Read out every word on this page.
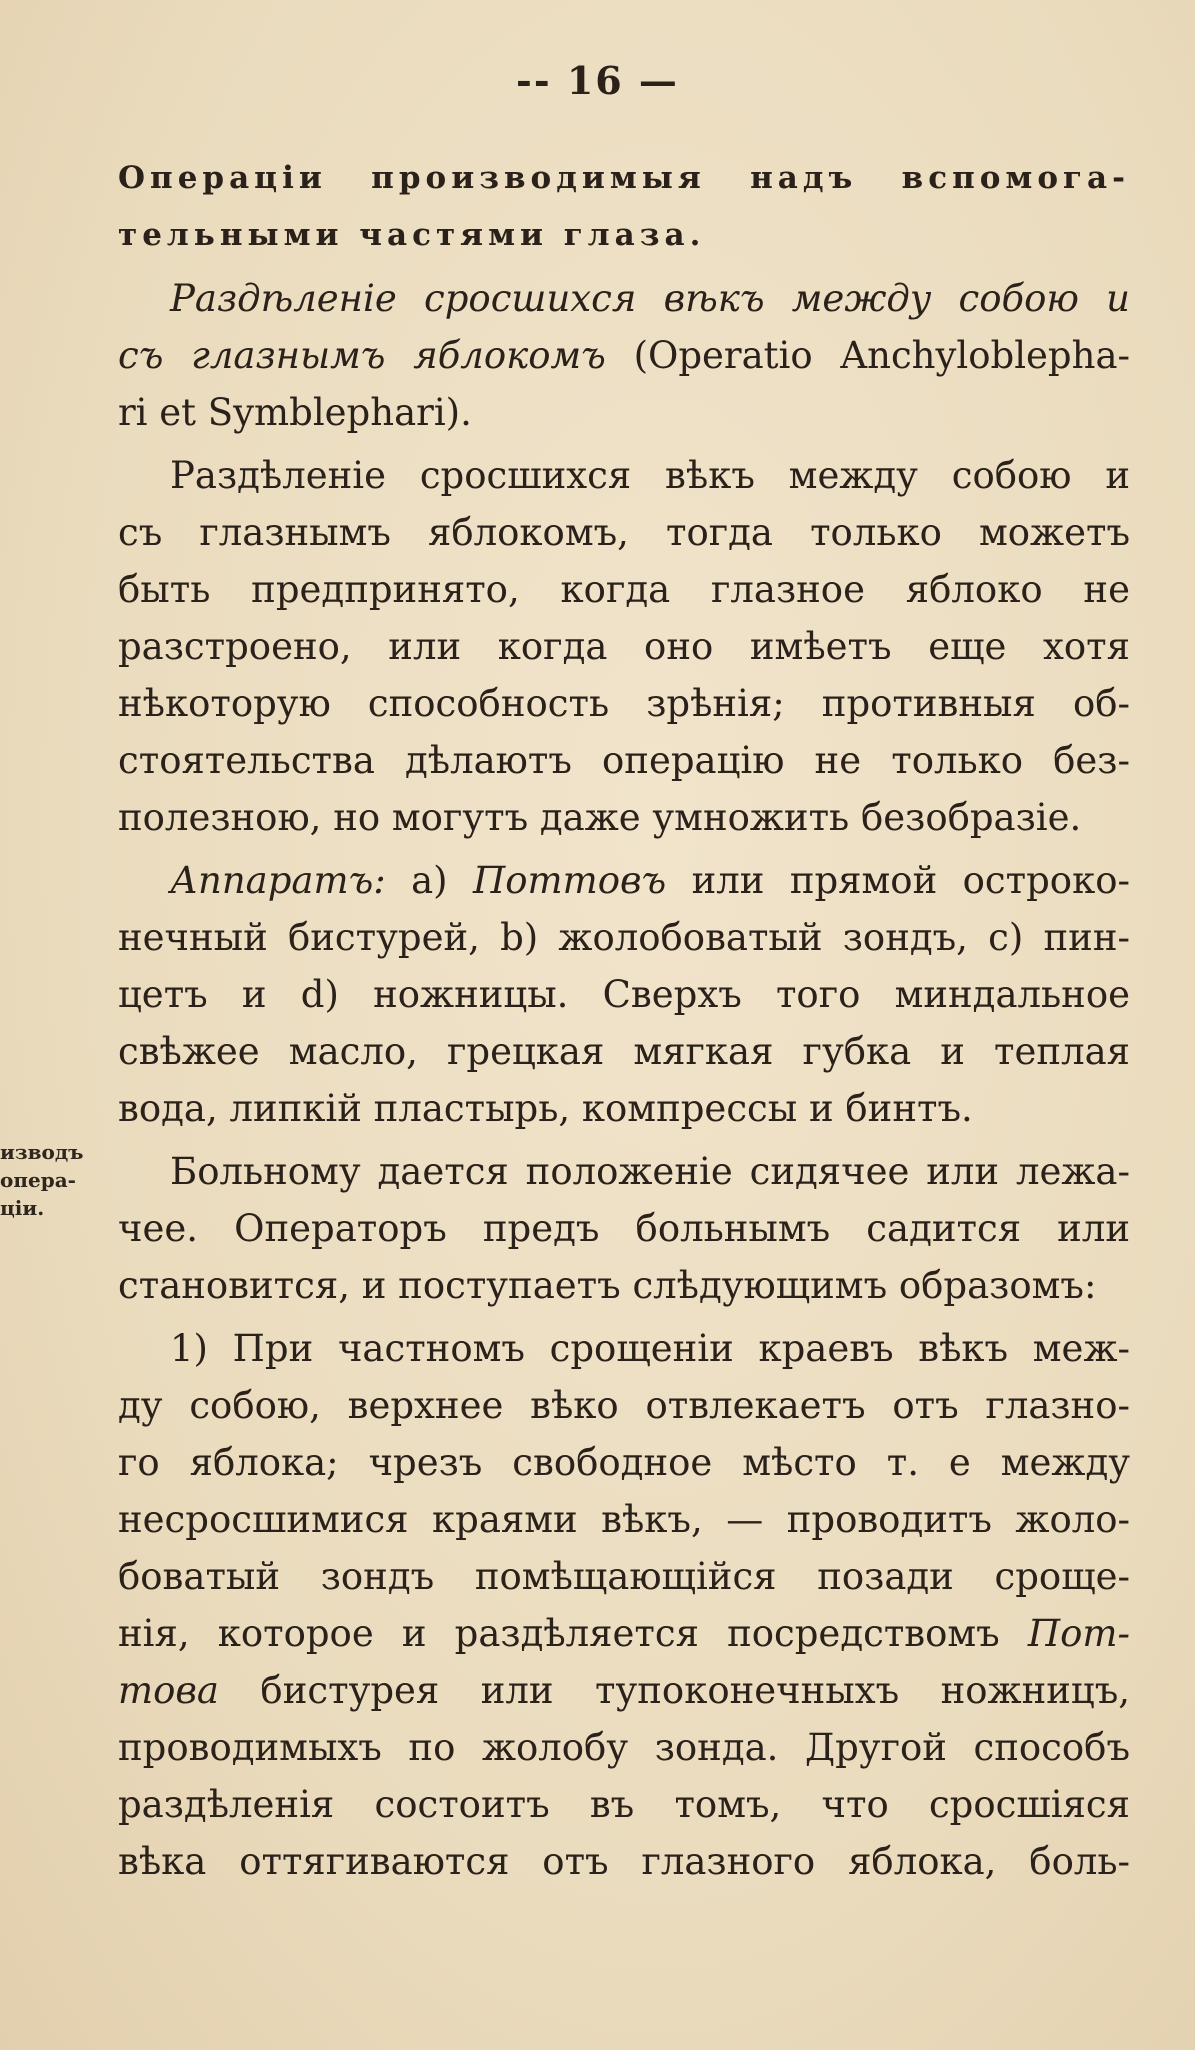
-- 16 —
изводъ
опера-
ціи.
Операціи производимыя надъ вспомога-
тельными частями глаза.
Раздѣленіе сросшихся вѣкъ между собою и
съ глазнымъ яблокомъ (Operatio Anchyloblepha-
ri et Symblephari).
Раздѣленіе сросшихся вѣкъ между собою и
съ глазнымъ яблокомъ, тогда только можетъ
быть предпринято, когда глазное яблоко не
разстроено, или когда оно имѣетъ еще хотя
нѣкоторую способность зрѣнія; противныя об-
стоятельства дѣлаютъ операцію не только без-
полезною, но могутъ даже умножить безобразіе.
Аппаратъ: а) Поттовъ или прямой остроко-
нечный бистурей, b) жолобоватый зондъ, c) пин-
цетъ и d) ножницы. Сверхъ того миндальное
свѣжее масло, грецкая мягкая губка и теплая
вода, липкій пластырь, компрессы и бинтъ.
Больному дается положеніе сидячее или лежа-
чее. Операторъ предъ больнымъ садится или
становится, и поступаетъ слѣдующимъ образомъ:
1) При частномъ срощеніи краевъ вѣкъ меж-
ду собою, верхнее вѣко отвлекаетъ отъ глазно-
го яблока; чрезъ свободное мѣсто т. е между
несросшимися краями вѣкъ, — проводитъ жоло-
боватый зондъ помѣщающійся позади сроще-
нія, которое и раздѣляется посредствомъ Пот-
това бистурея или тупоконечныхъ ножницъ,
проводимыхъ по жолобу зонда. Другой способъ
раздѣленія состоитъ въ томъ, что сросшіяся
вѣка оттягиваются отъ глазного яблока, боль-
